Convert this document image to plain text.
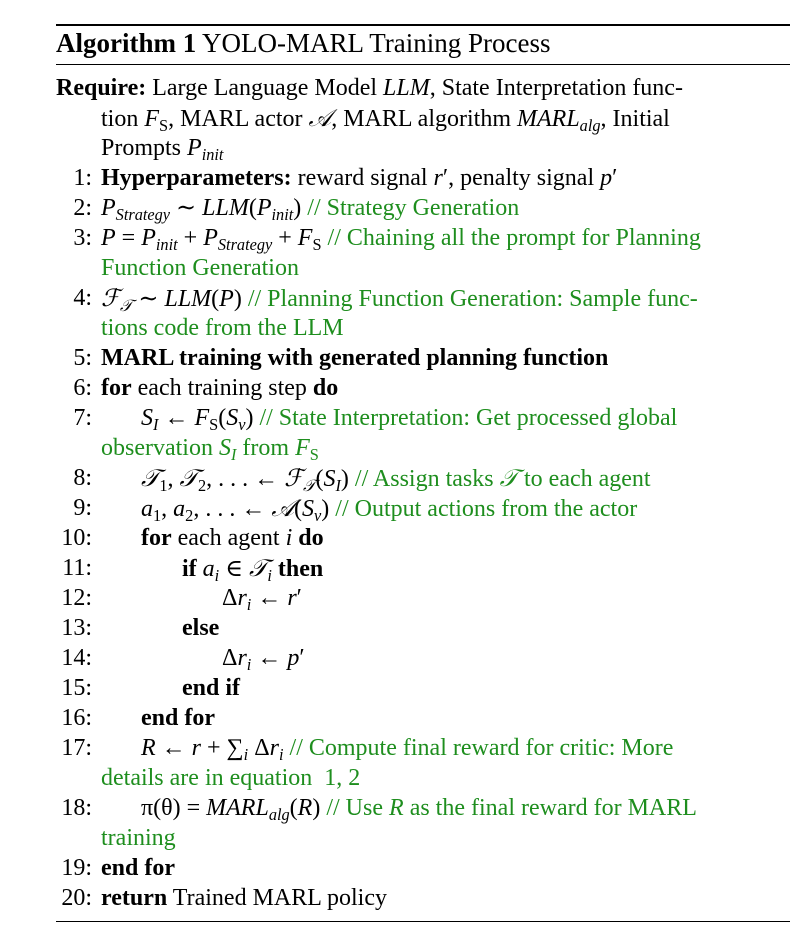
Algorithm 1 YOLO-MARL Training Process
Require: Large Language Model LLM, State Interpretation func-
tion $F_S$, MARL actor 𝒜, MARL algorithm $MARL_{alg}$, Initial
Prompts $P_{init}$
1: Hyperparameters: reward signal r′, penalty signal p′
2: $P_{Strategy}$ ∼ $LLM(P_{init})$ // Strategy Generation
3: $P = P_{init} + P_{Strategy} + F_S$ // Chaining all the prompt for Planning
Function Generation
4: ℱ$_𝒯$ ∼ LLM(P) // Planning Function Generation: Sample func-
tions code from the LLM
5: MARL training with generated planning function
6: for each training step do
7: $S_I$ ← $F_S(S_v)$ // State Interpretation: Get processed global
observation $S_I$ from $F_S$
8: 𝒯$_1$, 𝒯$_2$, . . . ← $ℱ_𝒯(S_I)$ // Assign tasks 𝒯 to each agent
9: $a_1$, $a_2$, . . . ← $𝒜(S_v)$ // Output actions from the actor
10: for each agent i do
11:	if $a_i$ ∈ 𝒯$_i$ then
12:	$\Delta r_i$ ← r′
13:	else
14:	$\Delta r_i$ ← p′
15:	end if
16: end for
17: R ← $r + \sum_i$ $\Delta r_i$ // Compute final reward for critic: More
details are in equation  1, 2
18: $\pi(\theta) = MARL_{alg}(R)$ // Use R as the final reward for MARL
training
19: end for
20: return Trained MARL policy
